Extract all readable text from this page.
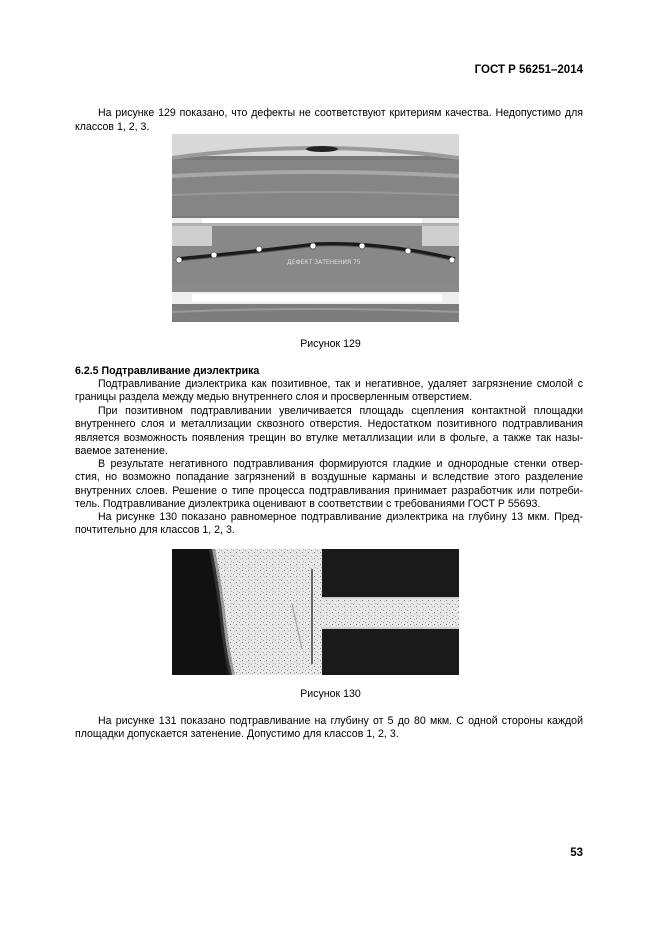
ГОСТ Р 56251–2014
На рисунке 129 показано, что дефекты не соответствуют критериям качества. Недопустимо для
классов 1, 2, 3.
ДЕФЕКТ ЗАТЕНЕНИЯ 75
Рисунок 129
6.2.5 Подтравливание диэлектрика
Подтравливание диэлектрика как позитивное, так и негативное, удаляет загрязнение смолой с
границы раздела между медью внутреннего слоя и просверленным отверстием.
При позитивном подтравливании увеличивается площадь сцепления контактной площадки
внутреннего слоя и металлизации сквозного отверстия. Недостатком позитивного подтравливания
является возможность появления трещин во втулке металлизации или в фольге, а также так назы-
ваемое затенение.
В результате негативного подтравливания формируются гладкие и однородные стенки отвер-
стия, но возможно попадание загрязнений в воздушные карманы и вследствие этого разделение
внутренних слоев. Решение о типе процесса подтравливания принимает разработчик или потреби-
тель. Подтравливание диэлектрика оценивают в соответствии с требованиями ГОСТ Р 55693.
На рисунке 130 показано равномерное подтравливание диэлектрика на глубину 13 мкм. Пред-
почтительно для классов 1, 2, 3.
Рисунок 130
На рисунке 131 показано подтравливание на глубину от 5 до 80 мкм. С одной стороны каждой
площадки допускается затенение. Допустимо для классов 1, 2, 3.
53
